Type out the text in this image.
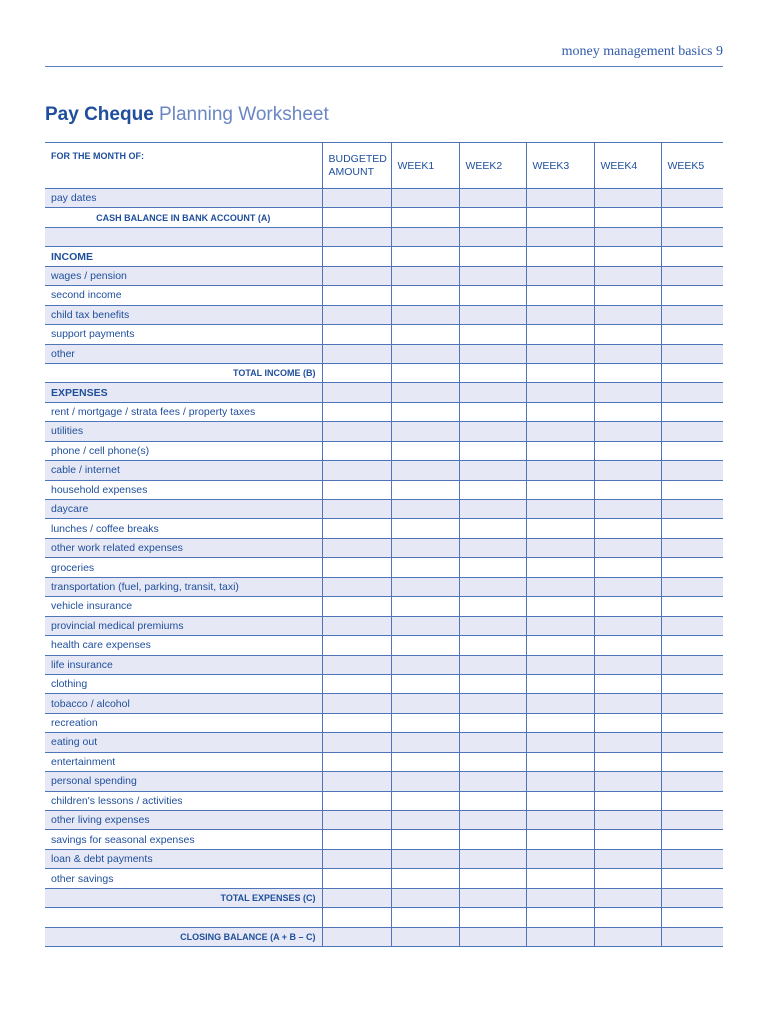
money management basics 9
Pay Cheque Planning Worksheet
FOR THE MONTH OF:	BUDGETED AMOUNT	WEEK1	WEEK2	WEEK3	WEEK4	WEEK5
pay dates						
CASH BALANCE IN BANK ACCOUNT (A)						

INCOME						
wages / pension						
second income						
child tax benefits						
support payments						
other						
TOTAL INCOME (B)						
EXPENSES						
rent / mortgage / strata fees / property taxes						
utilities						
phone / cell phone(s)						
cable / internet						
household expenses						
daycare						
lunches / coffee breaks						
other work related expenses						
groceries						
transportation (fuel, parking, transit, taxi)						
vehicle insurance						
provincial medical premiums						
health care expenses						
life insurance						
clothing						
tobacco / alcohol						
recreation						
eating out						
entertainment						
personal spending						
children's lessons / activities						
other living expenses						
savings for seasonal expenses						
loan & debt payments						
other savings						
TOTAL EXPENSES (C)						

CLOSING BALANCE (A + B – C)						
